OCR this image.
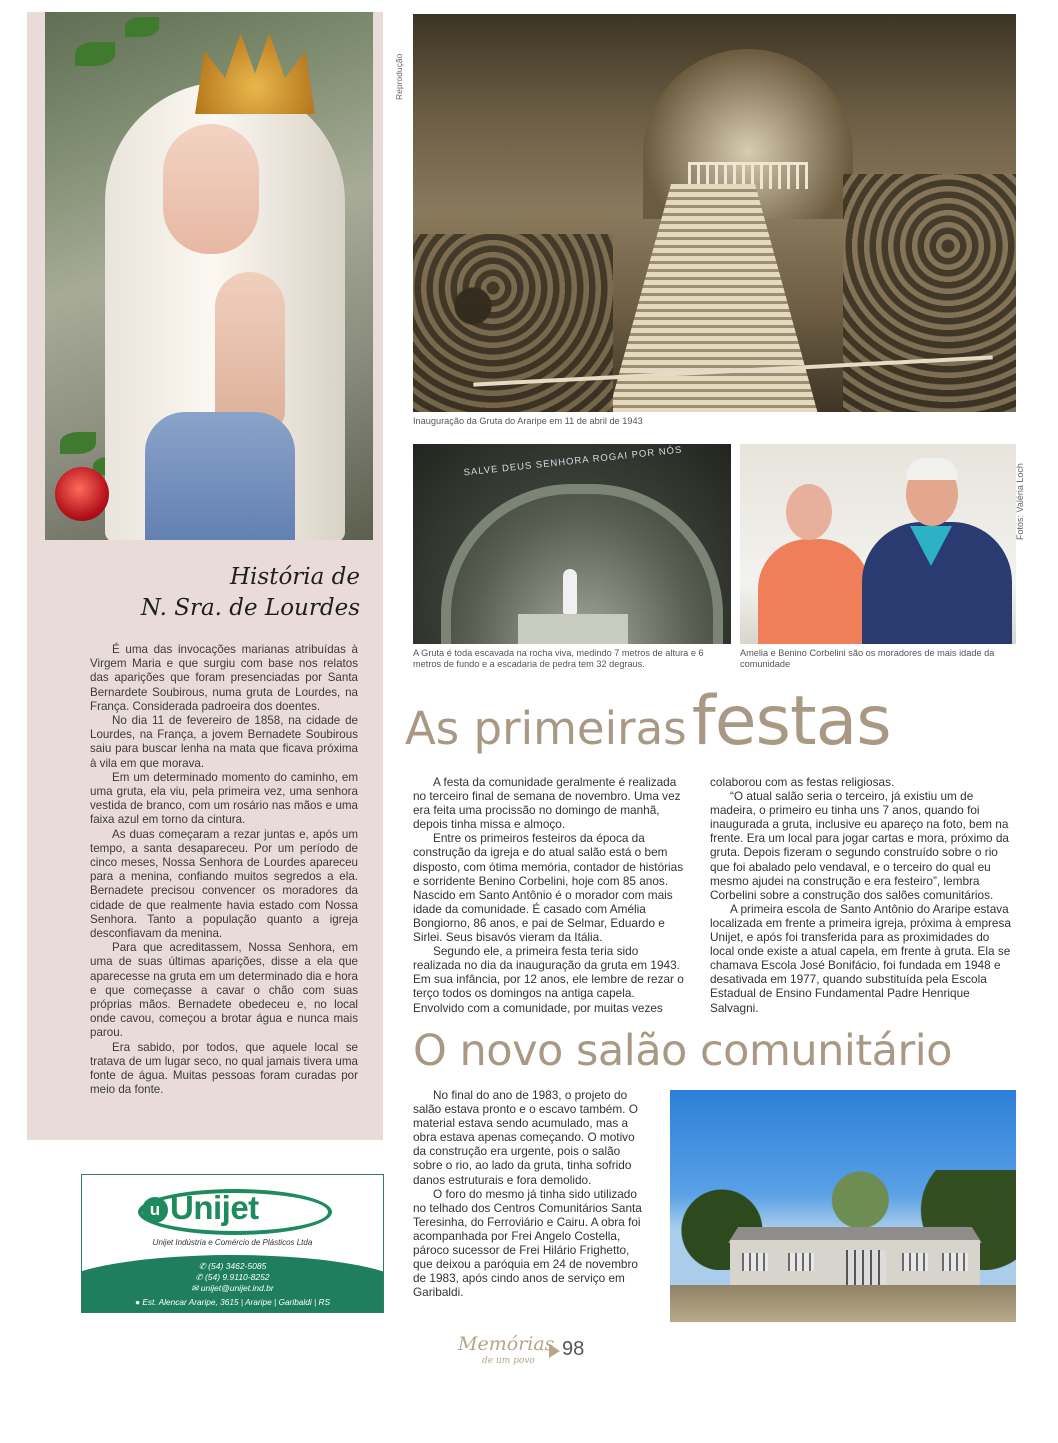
História de
N. Sra. de Lourdes

É uma das invocações marianas atribuídas à Virgem Maria e que surgiu com base nos relatos das aparições que foram presenciadas por Santa Bernardete Soubirous, numa gruta de Lourdes, na França. Considerada padroeira dos doentes.

No dia 11 de fevereiro de 1858, na cidade de Lourdes, na França, a jovem Bernadete Soubirous saiu para buscar lenha na mata que ficava próxima à vila em que morava.

Em um determinado momento do caminho, em uma gruta, ela viu, pela primeira vez, uma senhora vestida de branco, com um rosário nas mãos e uma faixa azul em torno da cintura.

As duas começaram a rezar juntas e, após um tempo, a santa desapareceu. Por um período de cinco meses, Nossa Senhora de Lourdes apareceu para a menina, confiando muitos segredos a ela. Bernadete precisou convencer os moradores da cidade de que realmente havia estado com Nossa Senhora. Tanto a população quanto a igreja desconfiavam da menina.

Para que acreditassem, Nossa Senhora, em uma de suas últimas aparições, disse a ela que aparecesse na gruta em um determinado dia e hora e que começasse a cavar o chão com suas próprias mãos. Bernadete obedeceu e, no local onde cavou, começou a brotar água e nunca mais parou.

Era sabido, por todos, que aquele local se tratava de um lugar seco, no qual jamais tivera uma fonte de água. Muitas pessoas foram curadas por meio da fonte.

u Unijet
Unijet Indústria e Comércio de Plásticos Ltda
✆ (54) 3462-5085
✆ (54) 9.9110-8252
✉ unijet@unijet.ind.br
● Est. Alencar Araripe, 3615 | Araripe | Garibaldi | RS
Reprodução
Inauguração da Gruta do Araripe em 11 de abril de 1943
SALVE DEUS SENHORA ROGAI POR NÓS
A Gruta é toda escavada na rocha viva, medindo 7 metros de altura e 6 metros de fundo e a escadaria de pedra tem 32 degraus.
Fotos: Valéria Loch
Amelia e Benino Corbelini são os moradores de mais idade da comunidade
As primeiras festas

A festa da comunidade geralmente é realizada no terceiro final de semana de novembro. Uma vez era feita uma procissão no domingo de manhã, depois tinha missa e almoço.

Entre os primeiros festeiros da época da construção da igreja e do atual salão está o bem disposto, com ótima memória, contador de histórias e sorridente Benino Corbelini, hoje com 85 anos. Nascido em Santo Antônio é o morador com mais idade da comunidade. É casado com Amélia Bongiorno, 86 anos, e pai de Selmar, Eduardo e Sirlei. Seus bisavós vieram da Itália.

Segundo ele, a primeira festa teria sido realizada no dia da inauguração da gruta em 1943. Em sua infância, por 12 anos, ele lembre de rezar o terço todos os domingos na antiga capela. Envolvido com a comunidade, por muitas vezes

colaborou com as festas religiosas.

“O atual salão seria o terceiro, já existiu um de madeira, o primeiro eu tinha uns 7 anos, quando foi inaugurada a gruta, inclusive eu apareço na foto, bem na frente. Era um local para jogar cartas e mora, próximo da gruta. Depois fizeram o segundo construído sobre o rio que foi abalado pelo vendaval, e o terceiro do qual eu mesmo ajudei na construção e era festeiro”, lembra Corbelini sobre a construção dos salões comunitários.

A primeira escola de Santo Antônio do Araripe estava localizada em frente a primeira igreja, próxima à empresa Unijet, e após foi transferida para as proximidades do local onde existe a atual capela, em frente à gruta. Ela se chamava Escola José Bonifácio, foi fundada em 1948 e desativada em 1977, quando substituída pela Escola Estadual de Ensino Fundamental Padre Henrique Salvagni.

O novo salão comunitário

No final do ano de 1983, o projeto do salão estava pronto e o escavo também. O material estava sendo acumulado, mas a obra estava apenas começando. O motivo da construção era urgente, pois o salão sobre o rio, ao lado da gruta, tinha sofrido danos estruturais e fora demolido.

O foro do mesmo já tinha sido utilizado no telhado dos Centros Comunitários Santa Teresinha, do Ferroviário e Cairu. A obra foi acompanhada por Frei Angelo Costella, pároco sucessor de Frei Hilário Frighetto, que deixou a paróquia em 24 de novembro de 1983, após cindo anos de serviço em Garibaldi.

Memórias
de um povo
98
